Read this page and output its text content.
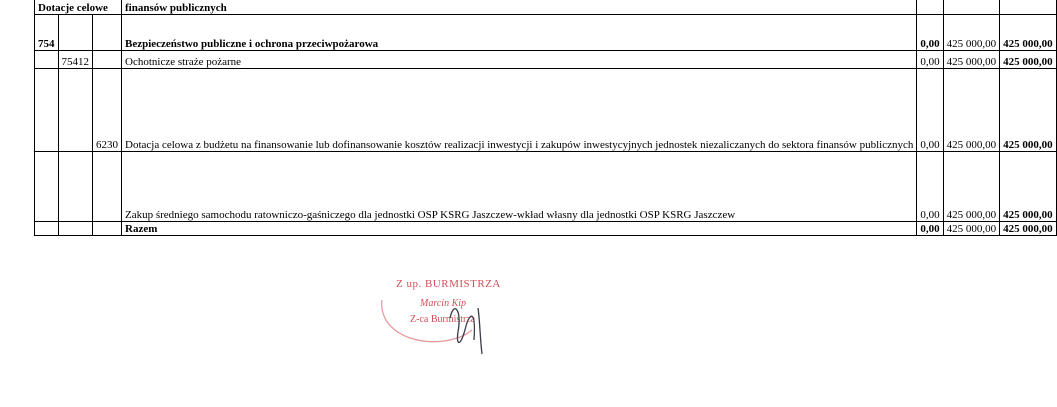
Dotacje celowe			finansów publicznych			
754			Bezpieczeństwo publiczne i ochrona przeciwpożarowa	0,00	425 000,00	425 000,00
	75412		Ochotnicze straże pożarne	0,00	425 000,00	425 000,00
		6230	Dotacja celowa z budżetu na finansowanie lub dofinansowanie kosztów realizacji inwestycji i zakupów inwestycyjnych jednostek niezaliczanych do sektora finansów publicznych	0,00	425 000,00	425 000,00
			Zakup średniego samochodu ratowniczo-gaśniczego dla jednostki OSP KSRG Jaszczew-wkład własny dla jednostki OSP KSRG Jaszczew	0,00	425 000,00	425 000,00
			Razem	0,00	425 000,00	425 000,00
Z up. BURMISTRZA
Marcin Kip
Z-ca Burmistrza
